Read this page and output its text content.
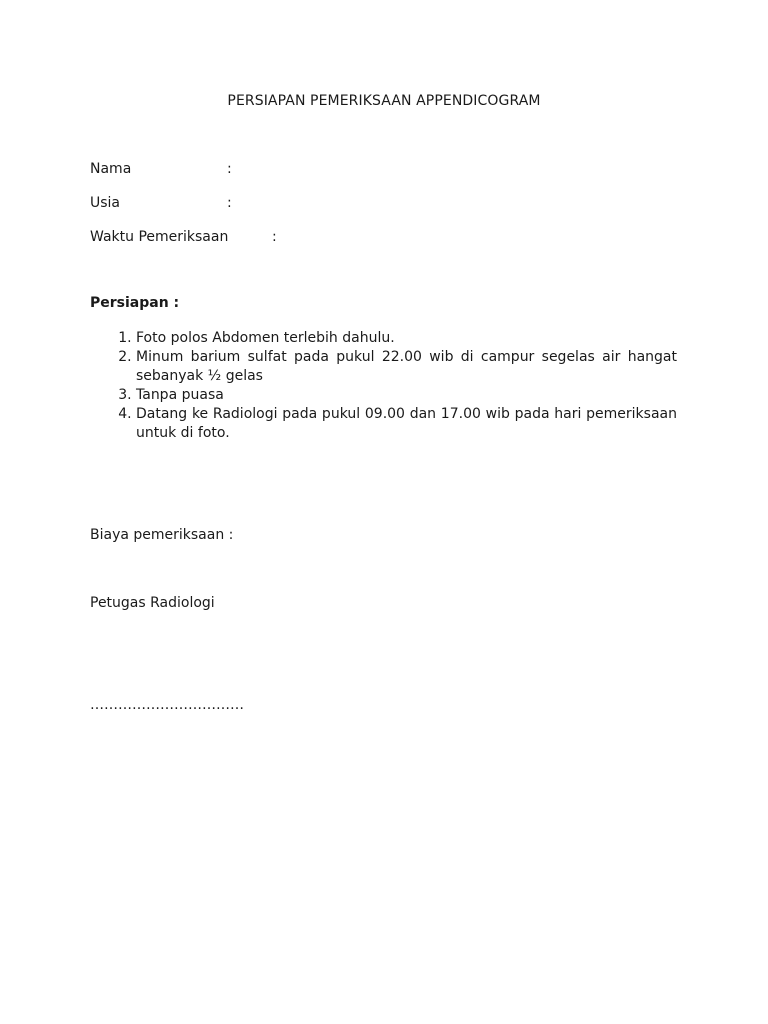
PERSIAPAN PEMERIKSAAN APPENDICOGRAM
Nama	:
Usia	:
Waktu Pemeriksaan	:
Persiapan :
1. Foto polos Abdomen terlebih dahulu.
2. Minum barium sulfat pada pukul 22.00 wib di campur segelas air hangat sebanyak ½ gelas
3. Tanpa puasa
4. Datang ke Radiologi pada pukul 09.00 dan 17.00 wib pada hari pemeriksaan untuk di foto.
Biaya pemeriksaan :
Petugas Radiologi
……………………………
